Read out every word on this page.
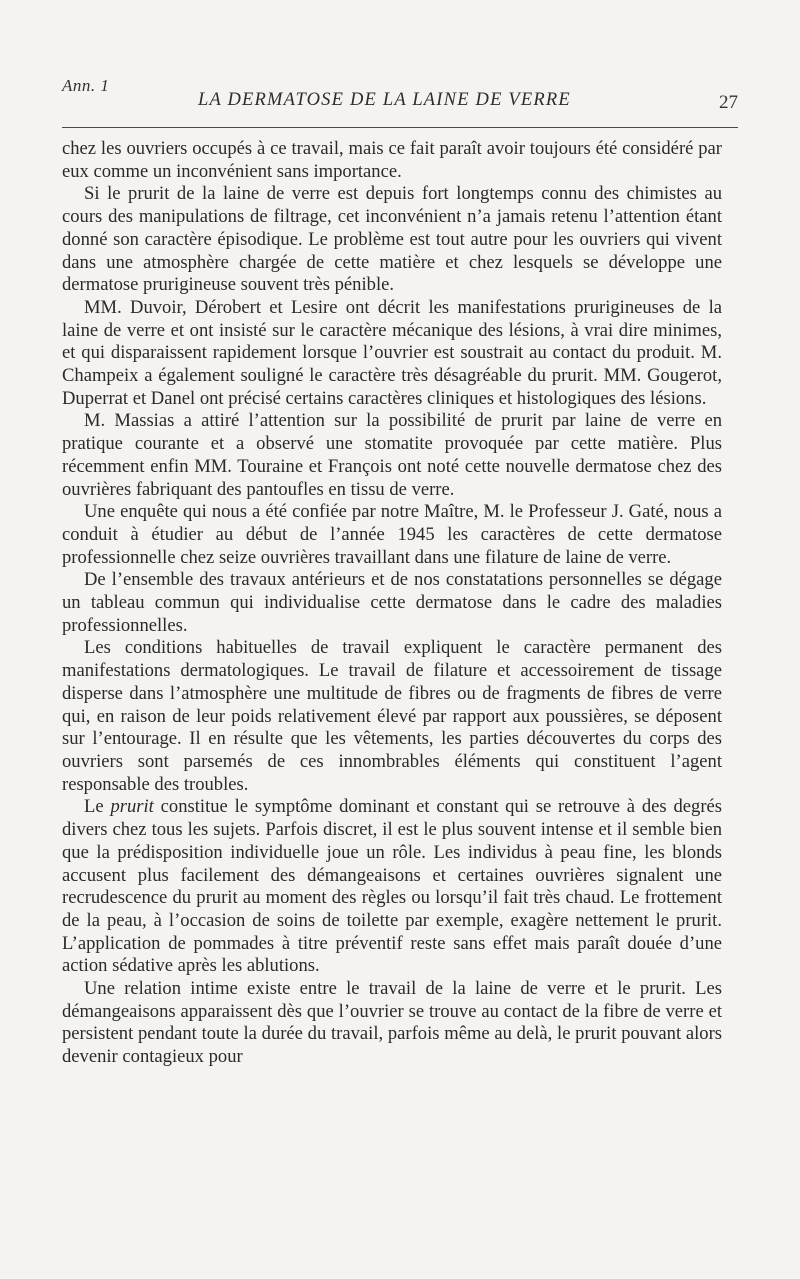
Ann. 1
LA DERMATOSE DE LA LAINE DE VERRE	27

chez les ouvriers occupés à ce travail, mais ce fait paraît avoir toujours été considéré par eux comme un inconvénient sans importance.

Si le prurit de la laine de verre est depuis fort longtemps connu des chimistes au cours des manipulations de filtrage, cet inconvénient n’a jamais retenu l’attention étant donné son caractère épisodique. Le problème est tout autre pour les ouvriers qui vivent dans une atmosphère chargée de cette matière et chez lesquels se développe une dermatose prurigineuse souvent très pénible.

MM. Duvoir, Dérobert et Lesire ont décrit les manifestations prurigineuses de la laine de verre et ont insisté sur le caractère mécanique des lésions, à vrai dire minimes, et qui disparaissent rapidement lorsque l’ouvrier est soustrait au contact du produit. M. Champeix a également souligné le caractère très désagréable du prurit. MM. Gougerot, Duperrat et Danel ont précisé certains caractères cliniques et histologiques des lésions.

M. Massias a attiré l’attention sur la possibilité de prurit par laine de verre en pratique courante et a observé une stomatite provoquée par cette matière. Plus récemment enfin MM. Touraine et François ont noté cette nouvelle dermatose chez des ouvrières fabriquant des pantoufles en tissu de verre.

Une enquête qui nous a été confiée par notre Maître, M. le Professeur J. Gaté, nous a conduit à étudier au début de l’année 1945 les caractères de cette dermatose professionnelle chez seize ouvrières travaillant dans une filature de laine de verre.

De l’ensemble des travaux antérieurs et de nos constatations personnelles se dégage un tableau commun qui individualise cette dermatose dans le cadre des maladies professionnelles.

Les conditions habituelles de travail expliquent le caractère permanent des manifestations dermatologiques. Le travail de filature et accessoirement de tissage disperse dans l’atmosphère une multitude de fibres ou de fragments de fibres de verre qui, en raison de leur poids relativement élevé par rapport aux poussières, se déposent sur l’entourage. Il en résulte que les vêtements, les parties découvertes du corps des ouvriers sont parsemés de ces innombrables éléments qui constituent l’agent responsable des troubles.

Le prurit constitue le symptôme dominant et constant qui se retrouve à des degrés divers chez tous les sujets. Parfois discret, il est le plus souvent intense et il semble bien que la prédisposition individuelle joue un rôle. Les individus à peau fine, les blonds accusent plus facilement des démangeaisons et certaines ouvrières signalent une recrudescence du prurit au moment des règles ou lorsqu’il fait très chaud. Le frottement de la peau, à l’occasion de soins de toilette par exemple, exagère nettement le prurit. L’application de pommades à titre préventif reste sans effet mais paraît douée d’une action sédative après les ablutions.

Une relation intime existe entre le travail de la laine de verre et le prurit. Les démangeaisons apparaissent dès que l’ouvrier se trouve au contact de la fibre de verre et persistent pendant toute la durée du travail, parfois même au delà, le prurit pouvant alors devenir contagieux pour
